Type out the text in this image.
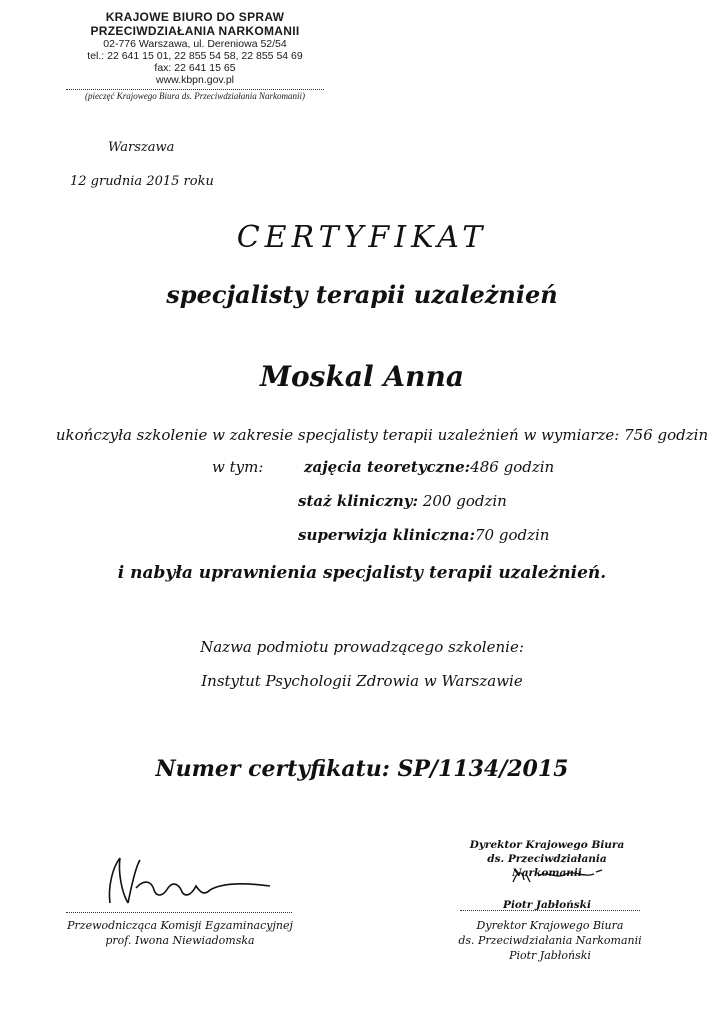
KRAJOWE BIURO DO SPRAW
PRZECIWDZIAŁANIA NARKOMANII
02-776 Warszawa, ul. Dereniowa 52/54
tel.: 22 641 15 01, 22 855 54 58, 22 855 54 69
fax: 22 641 15 65
www.kbpn.gov.pl
(pieczęć Krajowego Biura ds. Przeciwdziałania Narkomanii)
Warszawa
12 grudnia 2015 roku
CERTYFIKAT
specjalisty terapii uzależnień
Moskal Anna
ukończyła szkolenie w zakresie specjalisty terapii uzależnień w wymiarze: 756 godzin
w tym:	zajęcia teoretyczne:486 godzin
staż kliniczny: 200 godzin
superwizja kliniczna:70 godzin
i nabyła uprawnienia specjalisty terapii uzależnień.
Nazwa podmiotu prowadzącego szkolenie:
Instytut Psychologii Zdrowia w Warszawie
Numer certyfikatu: SP/1134/2015
Przewodnicząca Komisji Egzaminacyjnej
prof. Iwona Niewiadomska
Dyrektor Krajowego Biura
ds. Przeciwdziałania Narkomanii
Piotr Jabłoński
Dyrektor Krajowego Biura
ds. Przeciwdziałania Narkomanii
Piotr Jabłoński
